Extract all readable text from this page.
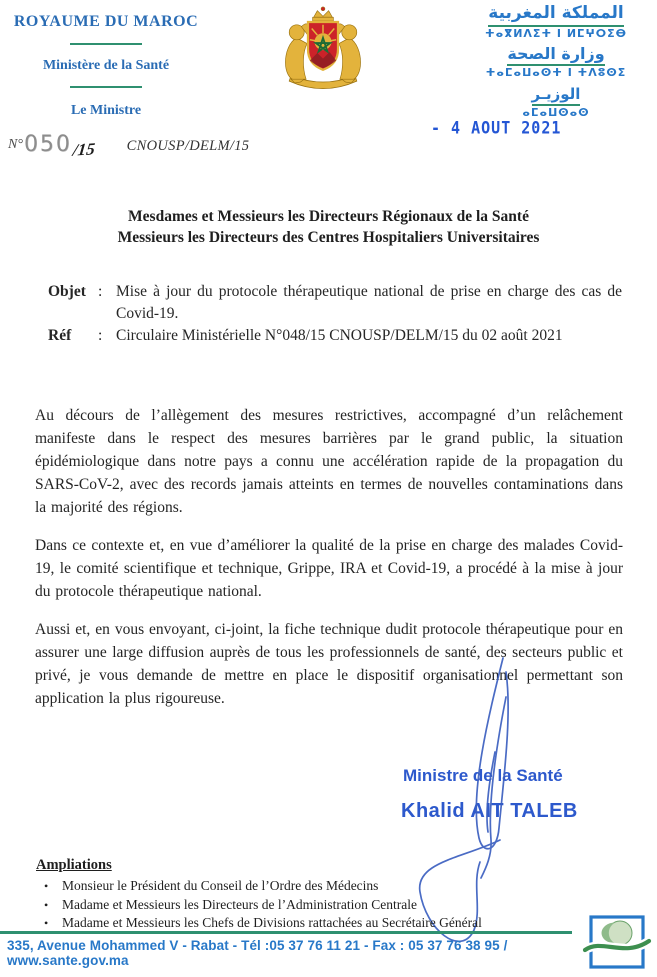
ROYAUME DU MAROC
Ministère de la Santé
Le Ministre
المملكة المغربية
ⵜⴰⴳⵍⴷⵉⵜ ⵏ ⵍⵎⵖⵔⵉⴱ
وزارة الصحة
ⵜⴰⵎⴰⵡⴰⵙⵜ ⵏ ⵜⴷⵓⵙⵉ
الوزيـر
ⴰⵎⴰⵡⵙⴰⵙ
- 4 AOUT 2021
N° 050 /15 CNOUSP/DELM/15
Mesdames et Messieurs les Directeurs Régionaux de la Santé
Messieurs les Directeurs des Centres Hospitaliers Universitaires
Objet : Mise à jour du protocole thérapeutique national de prise en charge des cas de Covid-19.
Réf	: Circulaire Ministérielle N°048/15 CNOUSP/DELM/15 du 02 août 2021

Au décours de l’allègement des mesures restrictives, accompagné d’un relâchement manifeste dans le respect des mesures barrières par le grand public, la situation épidémiologique dans notre pays a connu une accélération rapide de la propagation du SARS-CoV-2, avec des records jamais atteints en termes de nouvelles contaminations dans la majorité des régions.

Dans ce contexte et, en vue d’améliorer la qualité de la prise en charge des malades Covid-19, le comité scientifique et technique, Grippe, IRA et Covid-19, a procédé à la mise à jour du protocole thérapeutique national.

Aussi et, en vous envoyant, ci-joint, la fiche technique dudit protocole thérapeutique pour en assurer une large diffusion auprès de tous les professionnels de santé, des secteurs public et privé, je vous demande de mettre en place le dispositif organisationnel permettant son application la plus rigoureuse.

Ministre de la Santé
Khalid AIT TALEB
Ampliations
•	Monsieur le Président du Conseil de l’Ordre des Médecins
•	Madame et Messieurs les Directeurs de l’Administration Centrale
•	Madame et Messieurs les Chefs de Divisions rattachées au Secrétaire Général
335, Avenue Mohammed V - Rabat - Tél :05 37 76 11 21 - Fax : 05 37 76 38 95 / www.sante.gov.ma
